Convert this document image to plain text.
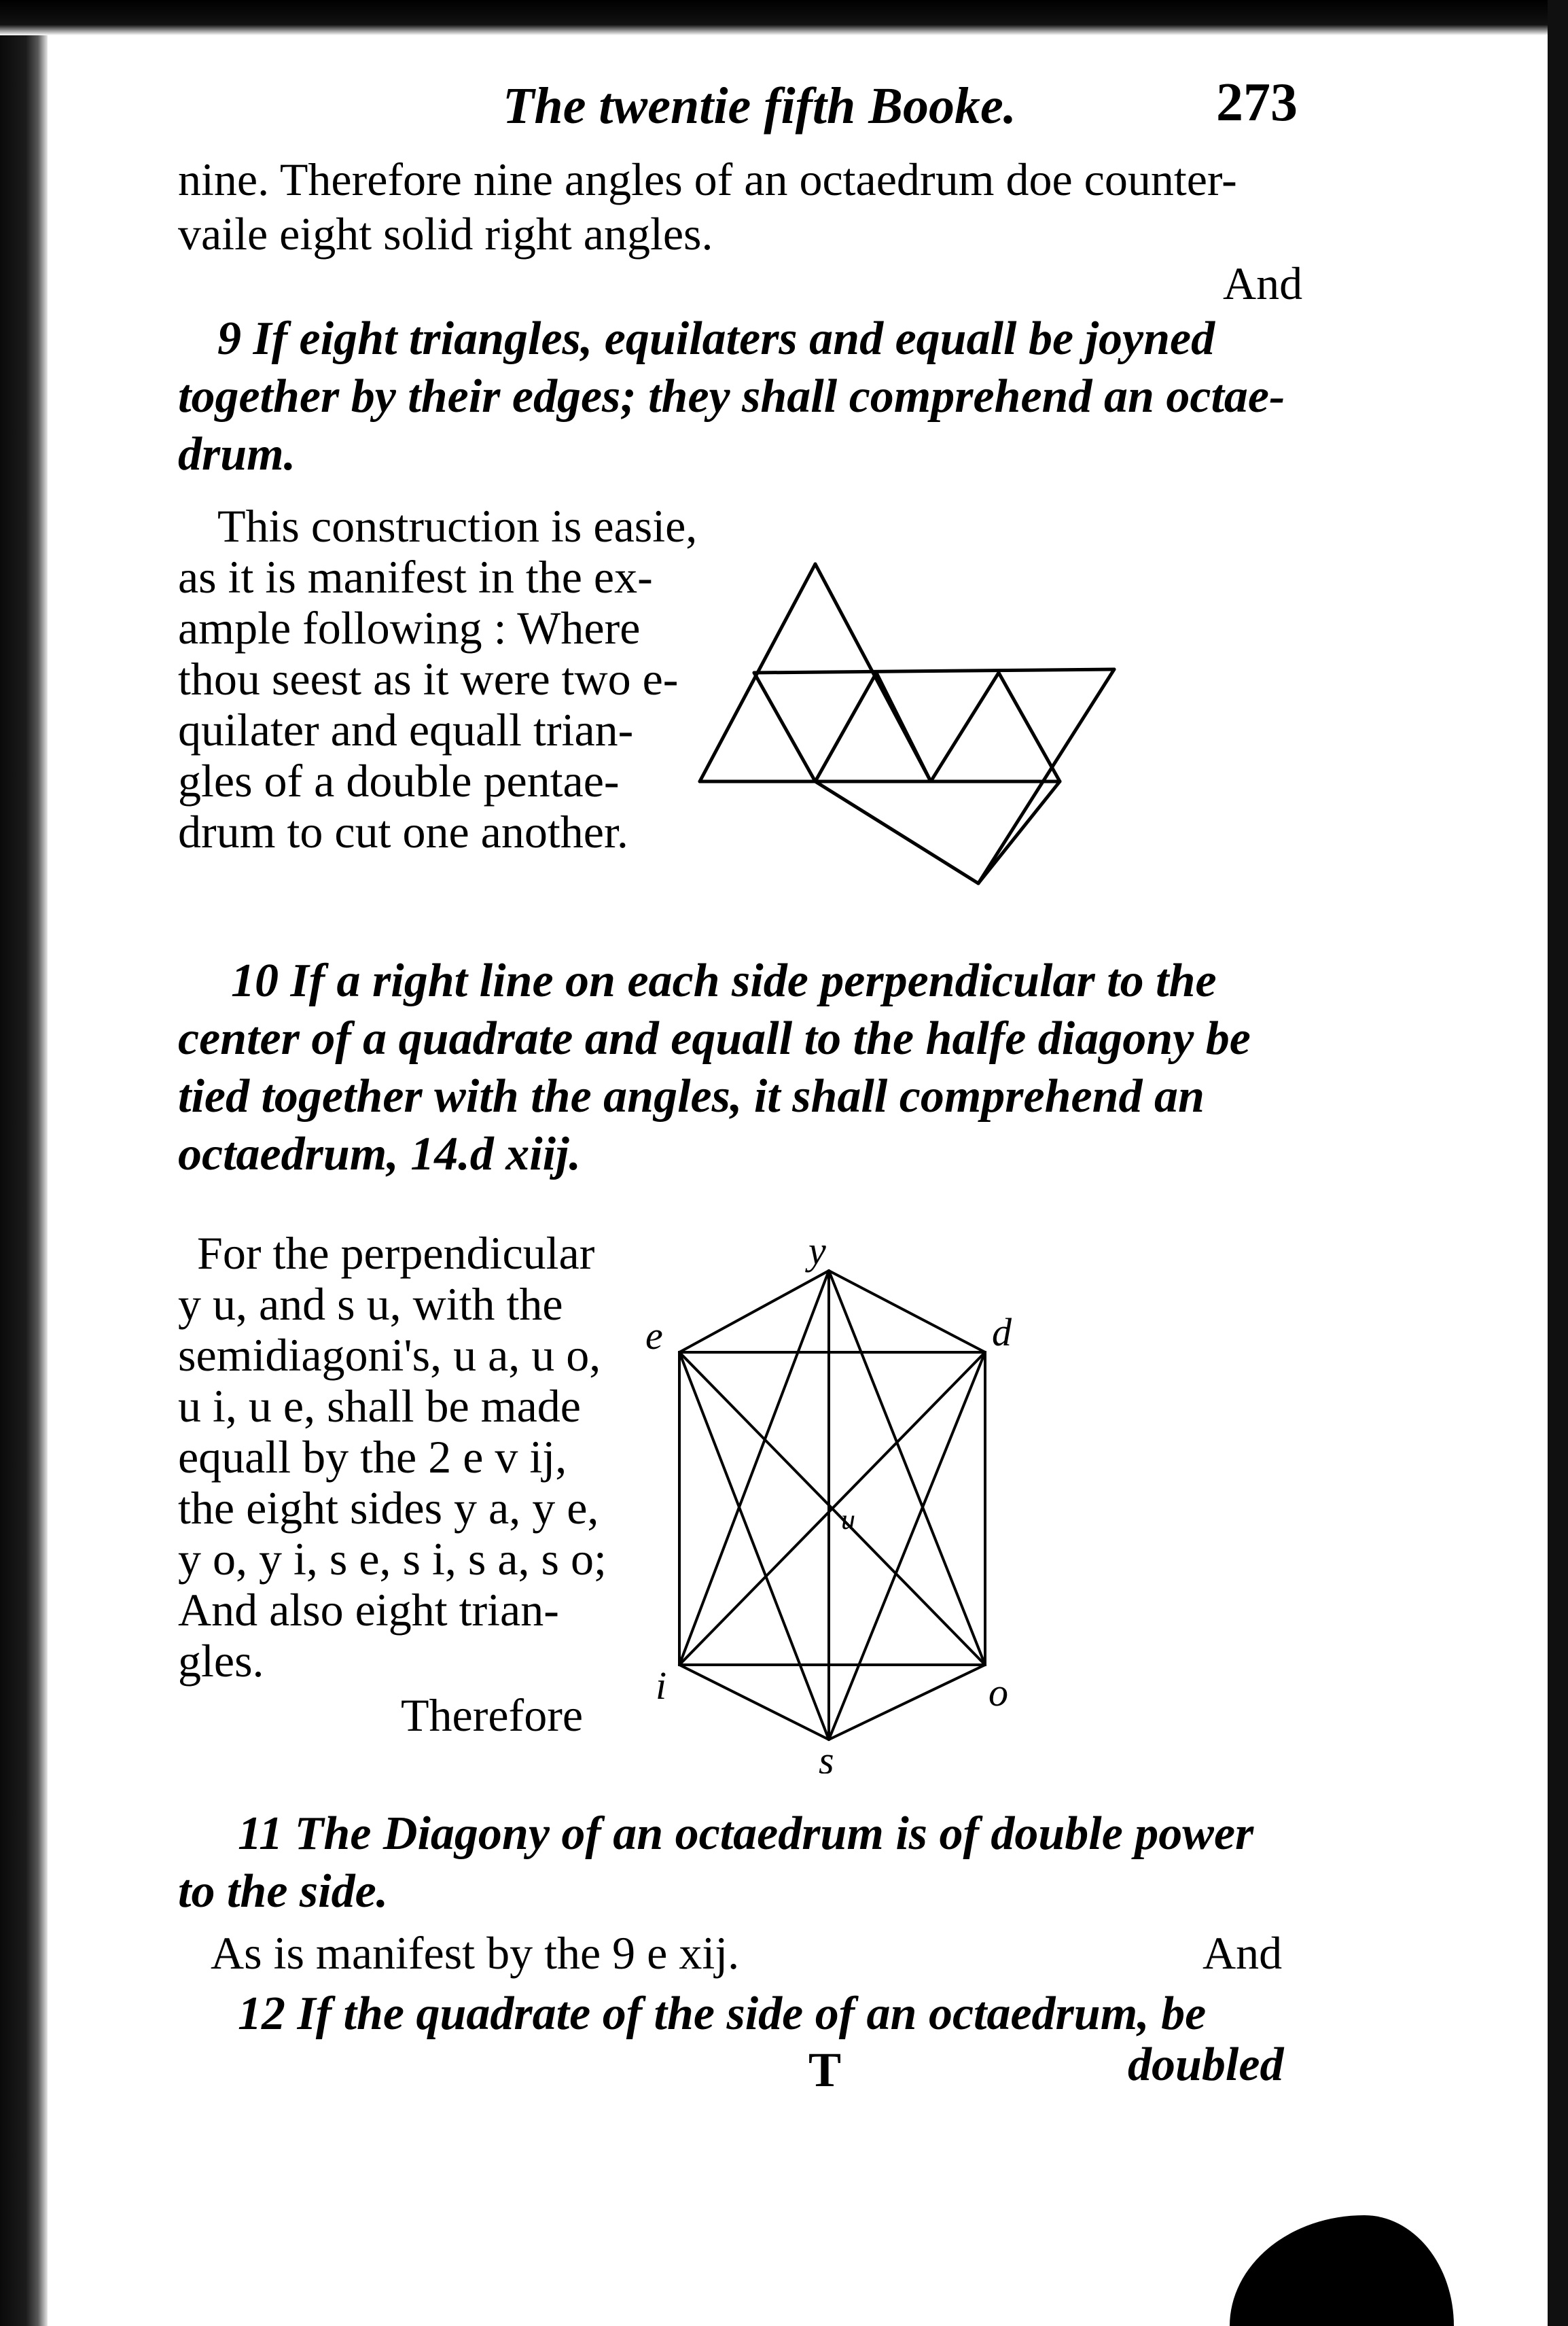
The twentie fifth Booke.	273
nine. Therefore nine angles of an octaedrum doe counter-
vaile eight solid right angles.
And
9 If eight triangles, equilaters and equall be joyned
together by their edges; they shall comprehend an octae-
drum.
This construction is easie,
as it is manifest in the ex-
ample following : Where
thou seest as it were two e-
quilater and equall trian-
gles of a double pentae-
drum to cut one another.
10 If a right line on each side perpendicular to the
center of a quadrate and equall to the halfe diagony be
tied together with the angles, it shall comprehend an
octaedrum, 14.d xiij.
For the perpendicular
y u, and s u, with the
semidiagoni's, u a, u o,
u i, u e, shall be made
equall by the 2 e v ij,
the eight sides y a, y e,
y o, y i, s e, s i, s a, s o;
And also eight trian-
gles.
Therefore
y
e	d
u
i	o
s
11 The Diagony of an octaedrum is of double power
to the side.
As is manifest by the 9 e xij.	And
12 If the quadrate of the side of an octaedrum, be
T	doubled
